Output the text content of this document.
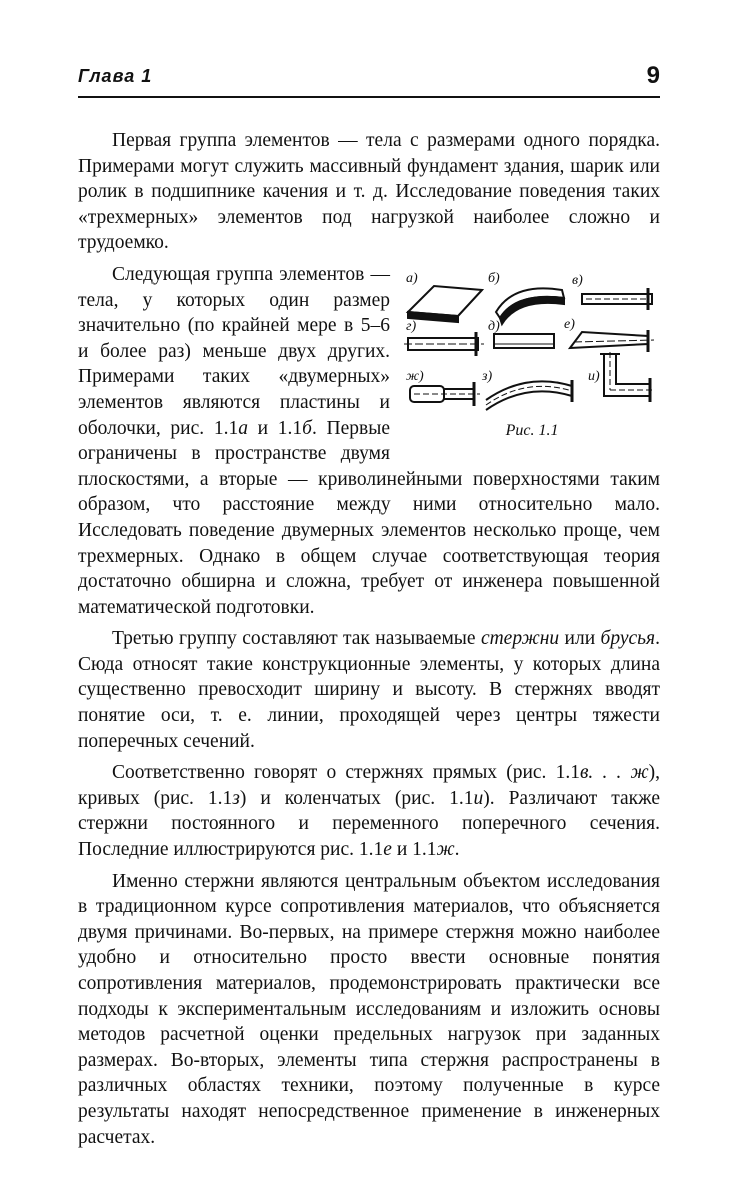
Глава 1	9

Первая группа элементов — тела с размерами одного порядка. Примерами могут служить массивный фундамент здания, шарик или ролик в подшипнике качения и т. д. Исследование поведения таких «трехмерных» элементов под нагрузкой наиболее сложно и трудоемко.

а)	б)	в)
г)	д)	е)
ж)	з)	и)
Рис. 1.1

Следующая группа элементов — тела, у которых один размер значительно (по крайней мере в 5–6 и более раз) меньше двух других. Примерами таких «двумерных» элементов являются пластины и оболочки, рис. 1.1а и 1.1б. Первые ограничены в пространстве двумя плоскостями, а вторые — криволинейными поверхностями таким образом, что расстояние между ними относительно мало. Исследовать поведение двумерных элементов несколько проще, чем трехмерных. Однако в общем случае соответствующая теория достаточно обширна и сложна, требует от инженера повышенной математической подготовки.

Третью группу составляют так называемые стержни или брусья. Сюда относят такие конструкционные элементы, у которых длина существенно превосходит ширину и высоту. В стержнях вводят понятие оси, т. е. линии, проходящей через центры тяжести поперечных сечений.

Соответственно говорят о стержнях прямых (рис. 1.1в. . . ж), кривых (рис. 1.1з) и коленчатых (рис. 1.1и). Различают также стержни постоянного и переменного поперечного сечения. Последние иллюстрируются рис. 1.1е и 1.1ж.

Именно стержни являются центральным объектом исследования в традиционном курсе сопротивления материалов, что объясняется двумя причинами. Во-первых, на примере стержня можно наиболее удобно и относительно просто ввести основные понятия сопротивления материалов, продемонстрировать практически все подходы к экспериментальным исследованиям и изложить основы методов расчетной оценки предельных нагрузок при заданных размерах. Во-вторых, элементы типа стержня распространены в различных областях техники, поэтому полученные в курсе результаты находят непосредственное применение в инженерных расчетах.
